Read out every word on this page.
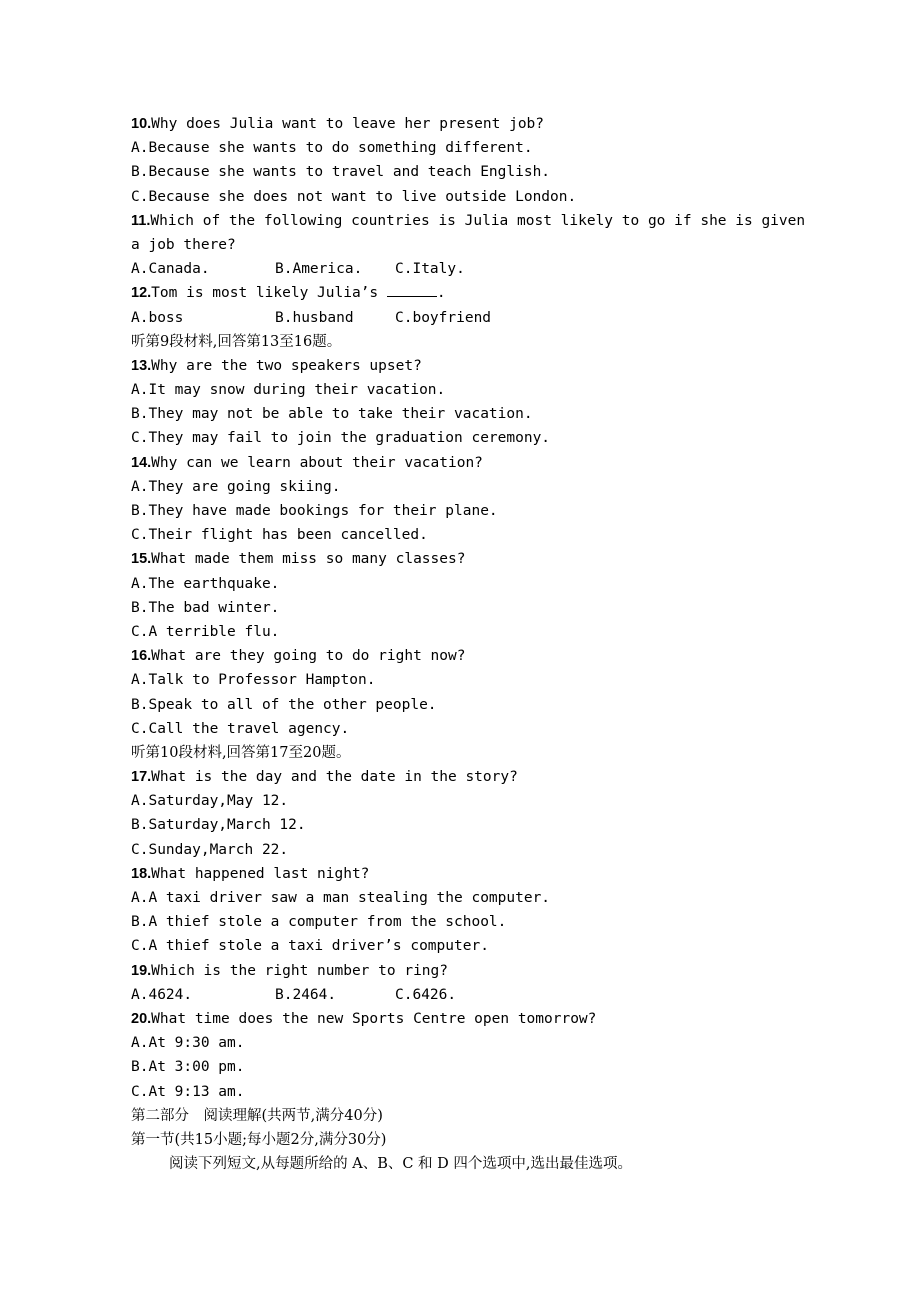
10.Why does Julia want to leave her present job?
A.Because she wants to do something different.
B.Because she wants to travel and teach English.
C.Because she does not want to live outside London.
11.Which of the following countries is Julia most likely to go if she is given a job there?
A.Canada.	B.America.	C.Italy.
12.Tom is most likely Julia’s	.
A.boss	B.husband	C.boyfriend
听第9段材料,回答第13至16题。
13.Why are the two speakers upset?
A.It may snow during their vacation.
B.They may not be able to take their vacation.
C.They may fail to join the graduation ceremony.
14.Why can we learn about their vacation?
A.They are going skiing.
B.They have made bookings for their plane.
C.Their flight has been cancelled.
15.What made them miss so many classes?
A.The earthquake.
B.The bad winter.
C.A terrible flu.
16.What are they going to do right now?
A.Talk to Professor Hampton.
B.Speak to all of the other people.
C.Call the travel agency.
听第10段材料,回答第17至20题。
17.What is the day and the date in the story?
A.Saturday,May 12.
B.Saturday,March 12.
C.Sunday,March 22.
18.What happened last night?
A.A taxi driver saw a man stealing the computer.
B.A thief stole a computer from the school.
C.A thief stole a taxi driver’s computer.
19.Which is the right number to ring?
A.4624.	B.2464.	C.6426.
20.What time does the new Sports Centre open tomorrow?
A.At 9:30 am.
B.At 3:00 pm.
C.At 9:13 am.
第二部分　阅读理解(共两节,满分40分)
第一节(共15小题;每小题2分,满分30分)
阅读下列短文,从每题所给的 A、B、C 和 D 四个选项中,选出最佳选项。
